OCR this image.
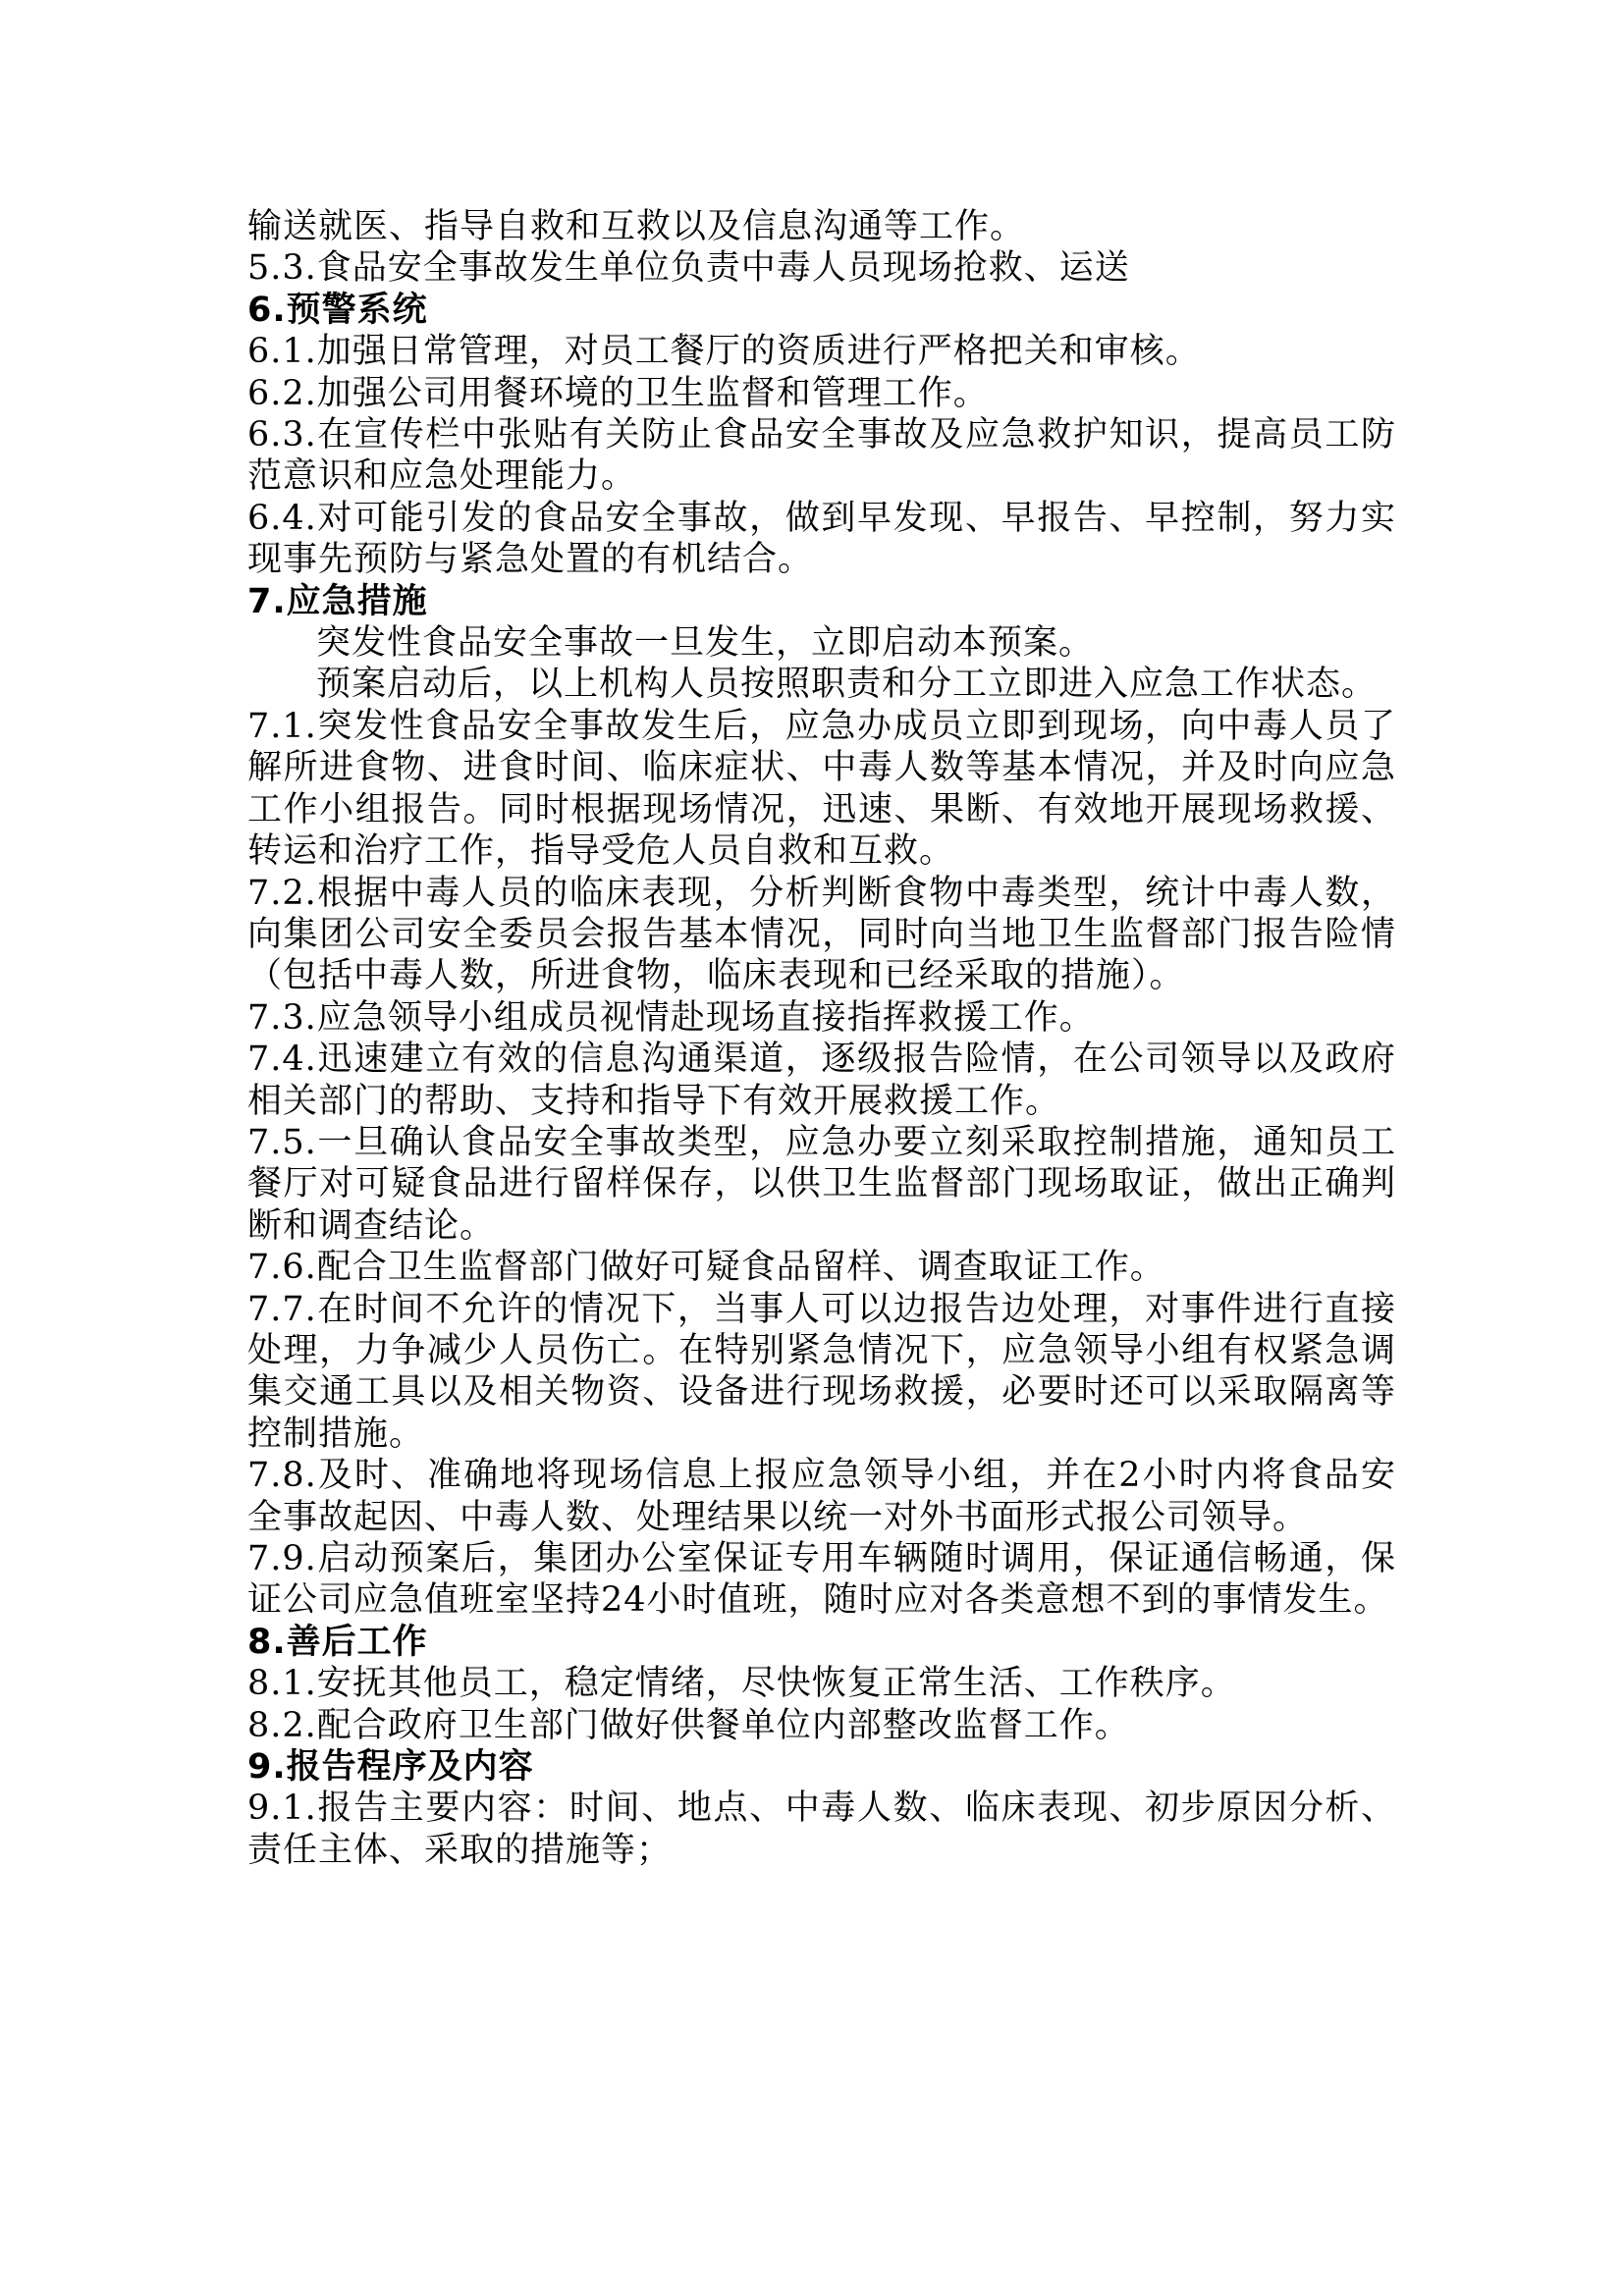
输送就医、指导自救和互救以及信息沟通等工作。

5.3.食品安全事故发生单位负责中毒人员现场抢救、运送

6.预警系统

6.1.加强日常管理，对员工餐厅的资质进行严格把关和审核。

6.2.加强公司用餐环境的卫生监督和管理工作。

6.3.在宣传栏中张贴有关防止食品安全事故及应急救护知识，提高员工防范意识和应急处理能力。

6.4.对可能引发的食品安全事故，做到早发现、早报告、早控制，努力实现事先预防与紧急处置的有机结合。

7.应急措施

突发性食品安全事故一旦发生，立即启动本预案。

预案启动后，以上机构人员按照职责和分工立即进入应急工作状态。

7.1.突发性食品安全事故发生后，应急办成员立即到现场，向中毒人员了解所进食物、进食时间、临床症状、中毒人数等基本情况，并及时向应急工作小组报告。同时根据现场情况，迅速、果断、有效地开展现场救援、转运和治疗工作，指导受危人员自救和互救。

7.2.根据中毒人员的临床表现，分析判断食物中毒类型，统计中毒人数，向集团公司安全委员会报告基本情况，同时向当地卫生监督部门报告险情（包括中毒人数，所进食物，临床表现和已经采取的措施）。

7.3.应急领导小组成员视情赴现场直接指挥救援工作。

7.4.迅速建立有效的信息沟通渠道，逐级报告险情，在公司领导以及政府相关部门的帮助、支持和指导下有效开展救援工作。

7.5.一旦确认食品安全事故类型，应急办要立刻采取控制措施，通知员工餐厅对可疑食品进行留样保存，以供卫生监督部门现场取证，做出正确判断和调查结论。

7.6.配合卫生监督部门做好可疑食品留样、调查取证工作。

7.7.在时间不允许的情况下，当事人可以边报告边处理，对事件进行直接处理，力争减少人员伤亡。在特别紧急情况下，应急领导小组有权紧急调集交通工具以及相关物资、设备进行现场救援，必要时还可以采取隔离等控制措施。

7.8.及时、准确地将现场信息上报应急领导小组，并在2小时内将食品安全事故起因、中毒人数、处理结果以统一对外书面形式报公司领导。

7.9.启动预案后，集团办公室保证专用车辆随时调用，保证通信畅通，保证公司应急值班室坚持24小时值班，随时应对各类意想不到的事情发生。

8.善后工作

8.1.安抚其他员工，稳定情绪，尽快恢复正常生活、工作秩序。

8.2.配合政府卫生部门做好供餐单位内部整改监督工作。

9.报告程序及内容

9.1.报告主要内容：时间、地点、中毒人数、临床表现、初步原因分析、责任主体、采取的措施等；
